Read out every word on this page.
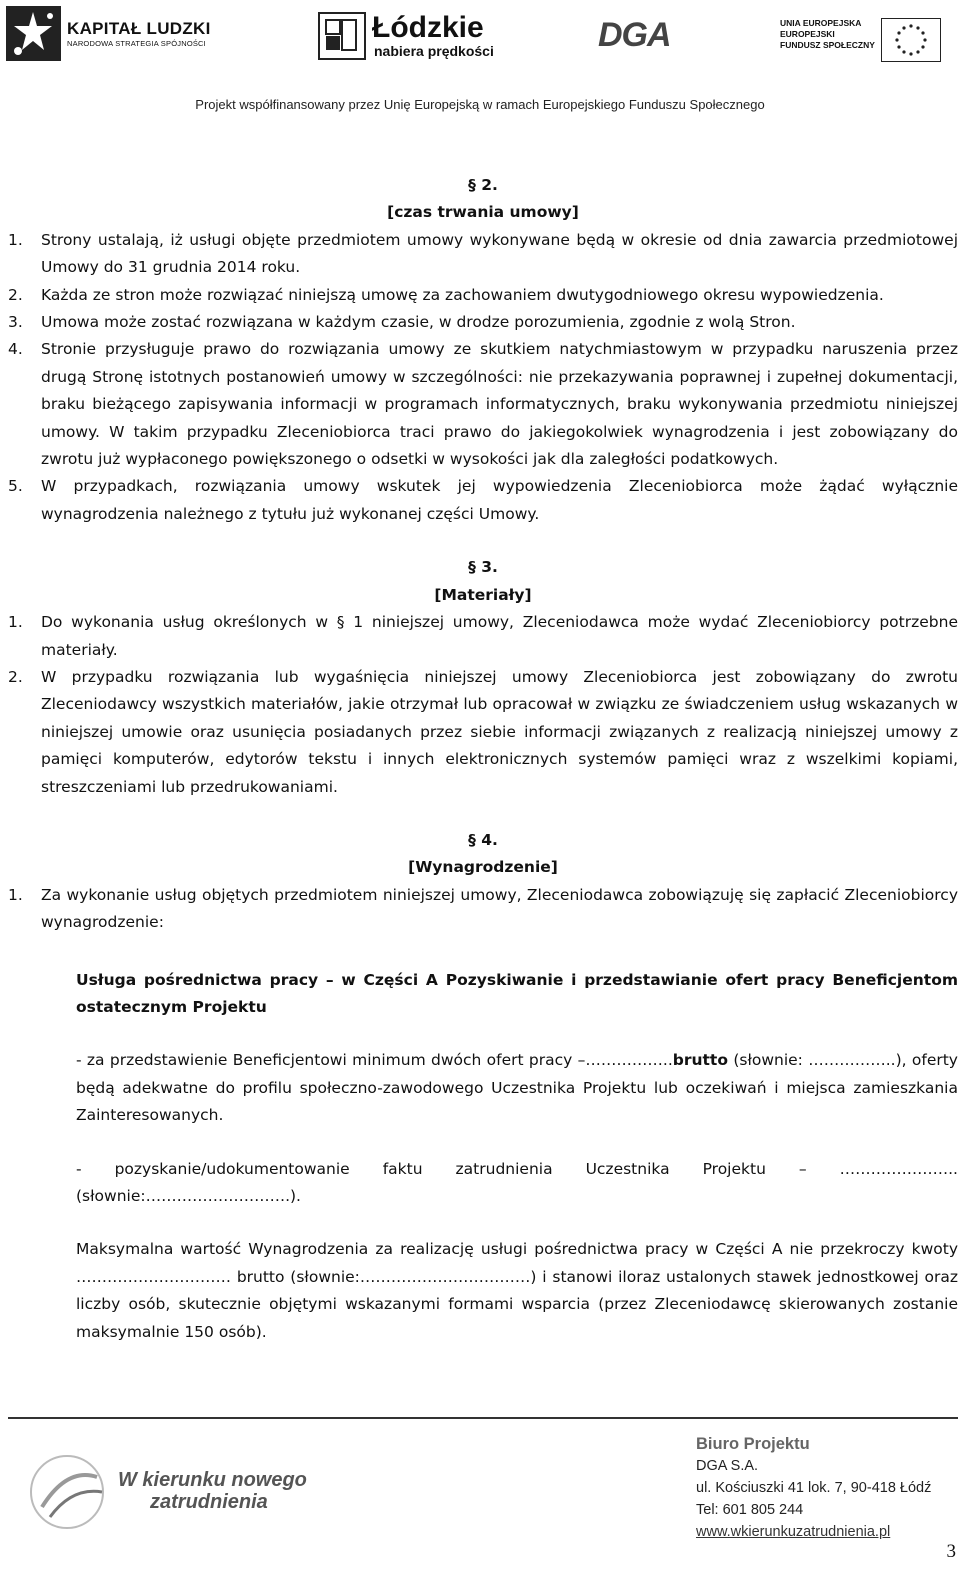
KAPITAŁ LUDZKI
NARODOWA STRATEGIA SPÓJNOŚCI	Łódzkie
nabiera prędkości	DGA	UNIA EUROPEJSKA
EUROPEJSKI
FUNDUSZ SPOŁECZNY
Projekt współfinansowany przez Unię Europejską w ramach Europejskiego Funduszu Społecznego
§ 2.
[czas trwania umowy]
1.	Strony ustalają, iż usługi objęte przedmiotem umowy wykonywane będą w okresie od dnia zawarcia przedmiotowej Umowy do 31 grudnia 2014 roku.
2.	Każda ze stron może rozwiązać niniejszą umowę za zachowaniem dwutygodniowego okresu wypowiedzenia.
3.	Umowa może zostać rozwiązana w każdym czasie, w drodze porozumienia, zgodnie z wolą Stron.
4.	Stronie przysługuje prawo do rozwiązania umowy ze skutkiem natychmiastowym w przypadku naruszenia przez drugą Stronę istotnych postanowień umowy w szczególności: nie przekazywania poprawnej i zupełnej dokumentacji, braku bieżącego zapisywania informacji w programach informatycznych, braku wykonywania przedmiotu niniejszej umowy. W takim przypadku Zleceniobiorca traci prawo do jakiegokolwiek wynagrodzenia i jest zobowiązany do zwrotu już wypłaconego powiększonego o odsetki w wysokości jak dla zaległości podatkowych.
5.	W przypadkach, rozwiązania umowy wskutek jej wypowiedzenia Zleceniobiorca może żądać wyłącznie wynagrodzenia należnego z tytułu już wykonanej części Umowy.
§ 3.
[Materiały]
1.	Do wykonania usług określonych w § 1 niniejszej umowy, Zleceniodawca może wydać Zleceniobiorcy potrzebne materiały.
2.	W przypadku rozwiązania lub wygaśnięcia niniejszej umowy Zleceniobiorca jest zobowiązany do zwrotu Zleceniodawcy wszystkich materiałów, jakie otrzymał lub opracował w związku ze świadczeniem usług wskazanych w niniejszej umowie oraz usunięcia posiadanych przez siebie informacji związanych z realizacją niniejszej umowy z pamięci komputerów, edytorów tekstu i innych elektronicznych systemów pamięci wraz z wszelkimi kopiami, streszczeniami lub przedrukowaniami.
§ 4.
[Wynagrodzenie]
1.	Za wykonanie usług objętych przedmiotem niniejszej umowy, Zleceniodawca zobowiązuję się zapłacić Zleceniobiorcy wynagrodzenie:
Usługa pośrednictwa pracy – w Części A Pozyskiwanie i przedstawianie ofert pracy Beneficjentom ostatecznym Projektu
- za przedstawienie Beneficjentowi minimum dwóch ofert pracy –……………..brutto (słownie: ……………..), oferty będą adekwatne do profilu społeczno-zawodowego Uczestnika Projektu lub oczekiwań i miejsca zamieszkania Zainteresowanych.
- pozyskanie/udokumentowanie faktu zatrudnienia Uczestnika Projektu – …………………..(słownie:……………………….).
Maksymalna wartość Wynagrodzenia za realizację usługi pośrednictwa pracy w Części A nie przekroczy kwoty ………………………… brutto (słownie:……………………………) i stanowi iloraz ustalonych stawek jednostkowej oraz liczby osób, skutecznie objętymi wskazanymi formami wsparcia (przez Zleceniodawcę skierowanych zostanie maksymalnie 150 osób).
W kierunku nowego
zatrudnienia
Biuro Projektu
DGA S.A.
ul. Kościuszki 41 lok. 7, 90-418 Łódź
Tel: 601 805 244
www.wkierunkuzatrudnienia.pl
3
